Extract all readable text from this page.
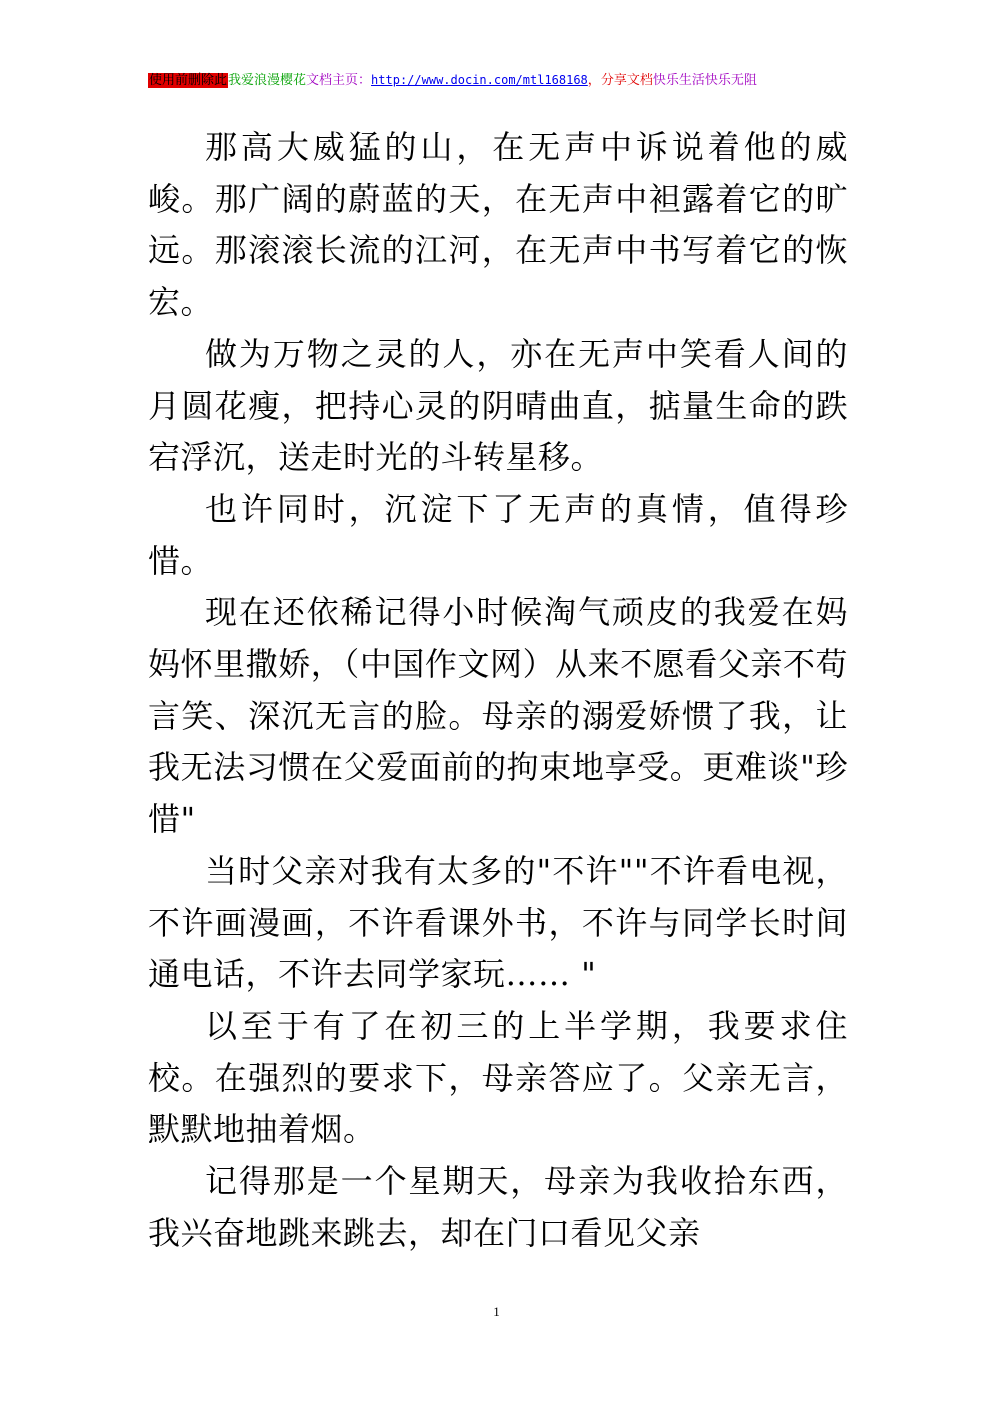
使用前删除此我爱浪漫樱花文档主页：http://www.docin.com/mtl168168，分享文档快乐生活快乐无阻

那高大威猛的山，在无声中诉说着他的威峻。那广阔的蔚蓝的天，在无声中袒露着它的旷远。那滚滚长流的江河，在无声中书写着它的恢宏。

做为万物之灵的人，亦在无声中笑看人间的月圆花瘦，把持心灵的阴晴曲直，掂量生命的跌宕浮沉，送走时光的斗转星移。

也许同时，沉淀下了无声的真情，值得珍惜。

现在还依稀记得小时候淘气顽皮的我爱在妈妈怀里撒娇，（中国作文网）从来不愿看父亲不苟言笑、深沉无言的脸。母亲的溺爱娇惯了我，让我无法习惯在父爱面前的拘束地享受。更难谈"珍惜"

当时父亲对我有太多的"不许""不许看电视，不许画漫画，不许看课外书，不许与同学长时间通电话，不许去同学家玩…… "

以至于有了在初三的上半学期，我要求住校。在强烈的要求下，母亲答应了。父亲无言，默默地抽着烟。

记得那是一个星期天，母亲为我收拾东西，我兴奋地跳来跳去，却在门口看见父亲

1
